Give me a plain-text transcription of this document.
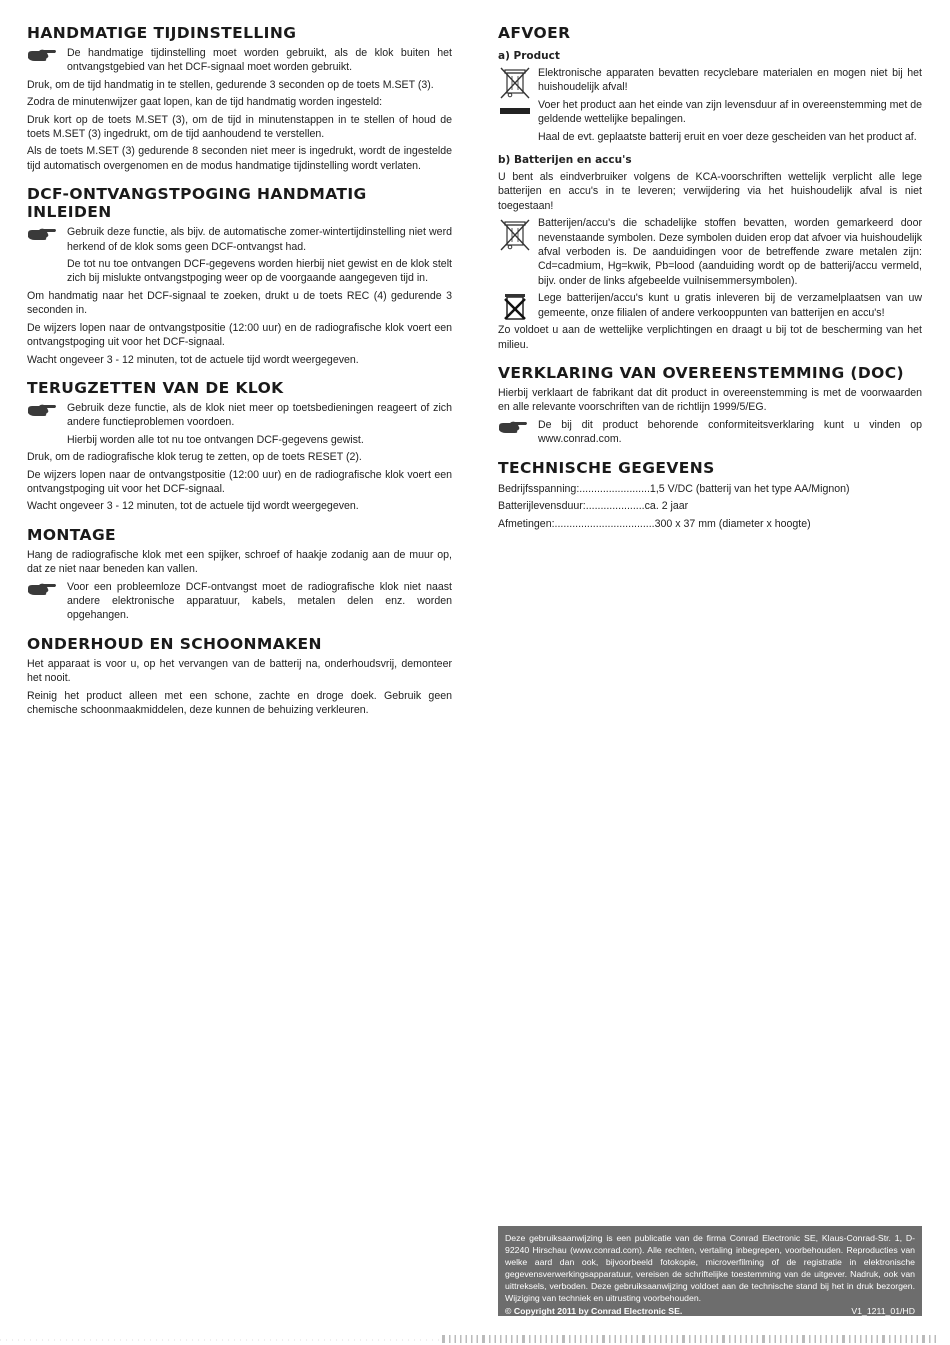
HANDMATIGE TIJDINSTELLING

De handmatige tijdinstelling moet worden gebruikt, als de klok buiten het ontvangstgebied van het DCF-signaal moet worden gebruikt.

Druk, om de tijd handmatig in te stellen, gedurende 3 seconden op de toets M.SET (3).

Zodra de minutenwijzer gaat lopen, kan de tijd handmatig worden ingesteld:

Druk kort op de toets M.SET (3), om de tijd in minutenstappen in te stellen of houd de toets M.SET (3) ingedrukt, om de tijd aanhoudend te verstellen.

Als de toets M.SET (3) gedurende 8 seconden niet meer is ingedrukt, wordt de ingestelde tijd automatisch overgenomen en de modus handmatige tijdinstelling wordt verlaten.

DCF-ONTVANGSTPOGING HANDMATIG INLEIDEN

Gebruik deze functie, als bijv. de automatische zomer-wintertijdinstelling niet werd herkend of de klok soms geen DCF-ontvangst had.

De tot nu toe ontvangen DCF-gegevens worden hierbij niet gewist en de klok stelt zich bij mislukte ontvangstpoging weer op de voorgaande aangegeven tijd in.

Om handmatig naar het DCF-signaal te zoeken, drukt u de toets REC (4) gedurende 3 seconden in.

De wijzers lopen naar de ontvangstpositie (12:00 uur) en de radiografische klok voert een ontvangstpoging uit voor het DCF-signaal.

Wacht ongeveer 3 - 12 minuten, tot de actuele tijd wordt weergegeven.

TERUGZETTEN VAN DE KLOK

Gebruik deze functie, als de klok niet meer op toetsbedieningen reageert of zich andere functieproblemen voordoen.

Hierbij worden alle tot nu toe ontvangen DCF-gegevens gewist.

Druk, om de radiografische klok terug te zetten, op de toets RESET (2).

De wijzers lopen naar de ontvangstpositie (12:00 uur) en de radiografische klok voert een ontvangstpoging uit voor het DCF-signaal.

Wacht ongeveer 3 - 12 minuten, tot de actuele tijd wordt weergegeven.

MONTAGE

Hang de radiografische klok met een spijker, schroef of haakje zodanig aan de muur op, dat ze niet naar beneden kan vallen.

Voor een probleemloze DCF-ontvangst moet de radiografische klok niet naast andere elektronische apparatuur, kabels, metalen delen enz. worden opgehangen.

ONDERHOUD EN SCHOONMAKEN

Het apparaat is voor u, op het vervangen van de batterij na, onderhoudsvrij, demonteer het nooit.

Reinig het product alleen met een schone, zachte en droge doek. Gebruik geen chemische schoonmaakmiddelen, deze kunnen de behuizing verkleuren.

AFVOER
a) Product

Elektronische apparaten bevatten recyclebare materialen en mogen niet bij het huishoudelijk afval!

Voer het product aan het einde van zijn levensduur af in overeenstemming met de geldende wettelijke bepalingen.

Haal de evt. geplaatste batterij eruit en voer deze gescheiden van het product af.

b) Batterijen en accu's

U bent als eindverbruiker volgens de KCA-voorschriften wettelijk verplicht alle lege batterijen en accu's in te leveren; verwijdering via het huishoudelijk afval is niet toegestaan!

Batterijen/accu's die schadelijke stoffen bevatten, worden gemarkeerd door nevenstaande symbolen. Deze symbolen duiden erop dat afvoer via huishoudelijk afval verboden is. De aanduidingen voor de betreffende zware metalen zijn: Cd=cadmium, Hg=kwik, Pb=lood (aanduiding wordt op de batterij/accu vermeld, bijv. onder de links afgebeelde vuilnisemmersymbolen).

Lege batterijen/accu's kunt u gratis inleveren bij de verzamelplaatsen van uw gemeente, onze filialen of andere verkooppunten van batterijen en accu's!

Zo voldoet u aan de wettelijke verplichtingen en draagt u bij tot de bescherming van het milieu.

VERKLARING VAN OVEREENSTEMMING (DOC)

Hierbij verklaart de fabrikant dat dit product in overeenstemming is met de voorwaarden en alle relevante voorschriften van de richtlijn 1999/5/EG.

De bij dit product behorende conformiteitsverklaring kunt u vinden op www.conrad.com.

TECHNISCHE GEGEVENS
Bedrijfsspanning: ........................ 1,5 V/DC (batterij van het type AA/Mignon)
Batterijlevensduur: .................... ca. 2 jaar
Afmetingen: .................................. 300 x 37 mm (diameter x hoogte)

Deze gebruiksaanwijzing is een publicatie van de firma Conrad Electronic SE, Klaus-Conrad-Str. 1, D-92240 Hirschau (www.conrad.com). Alle rechten, vertaling inbegrepen, voorbehouden. Reproducties van welke aard dan ook, bijvoorbeeld fotokopie, microverfilming of de registratie in elektronische gegevensverwerkingsapparatuur, vereisen de schriftelijke toestemming van de uitgever. Nadruk, ook van uittreksels, verboden. Deze gebruiksaanwijzing voldoet aan de technische stand bij het in druk bezorgen. Wijziging van techniek en uitrusting voorbehouden.

© Copyright 2011 by Conrad Electronic SE.	V1_1211_01/HD
